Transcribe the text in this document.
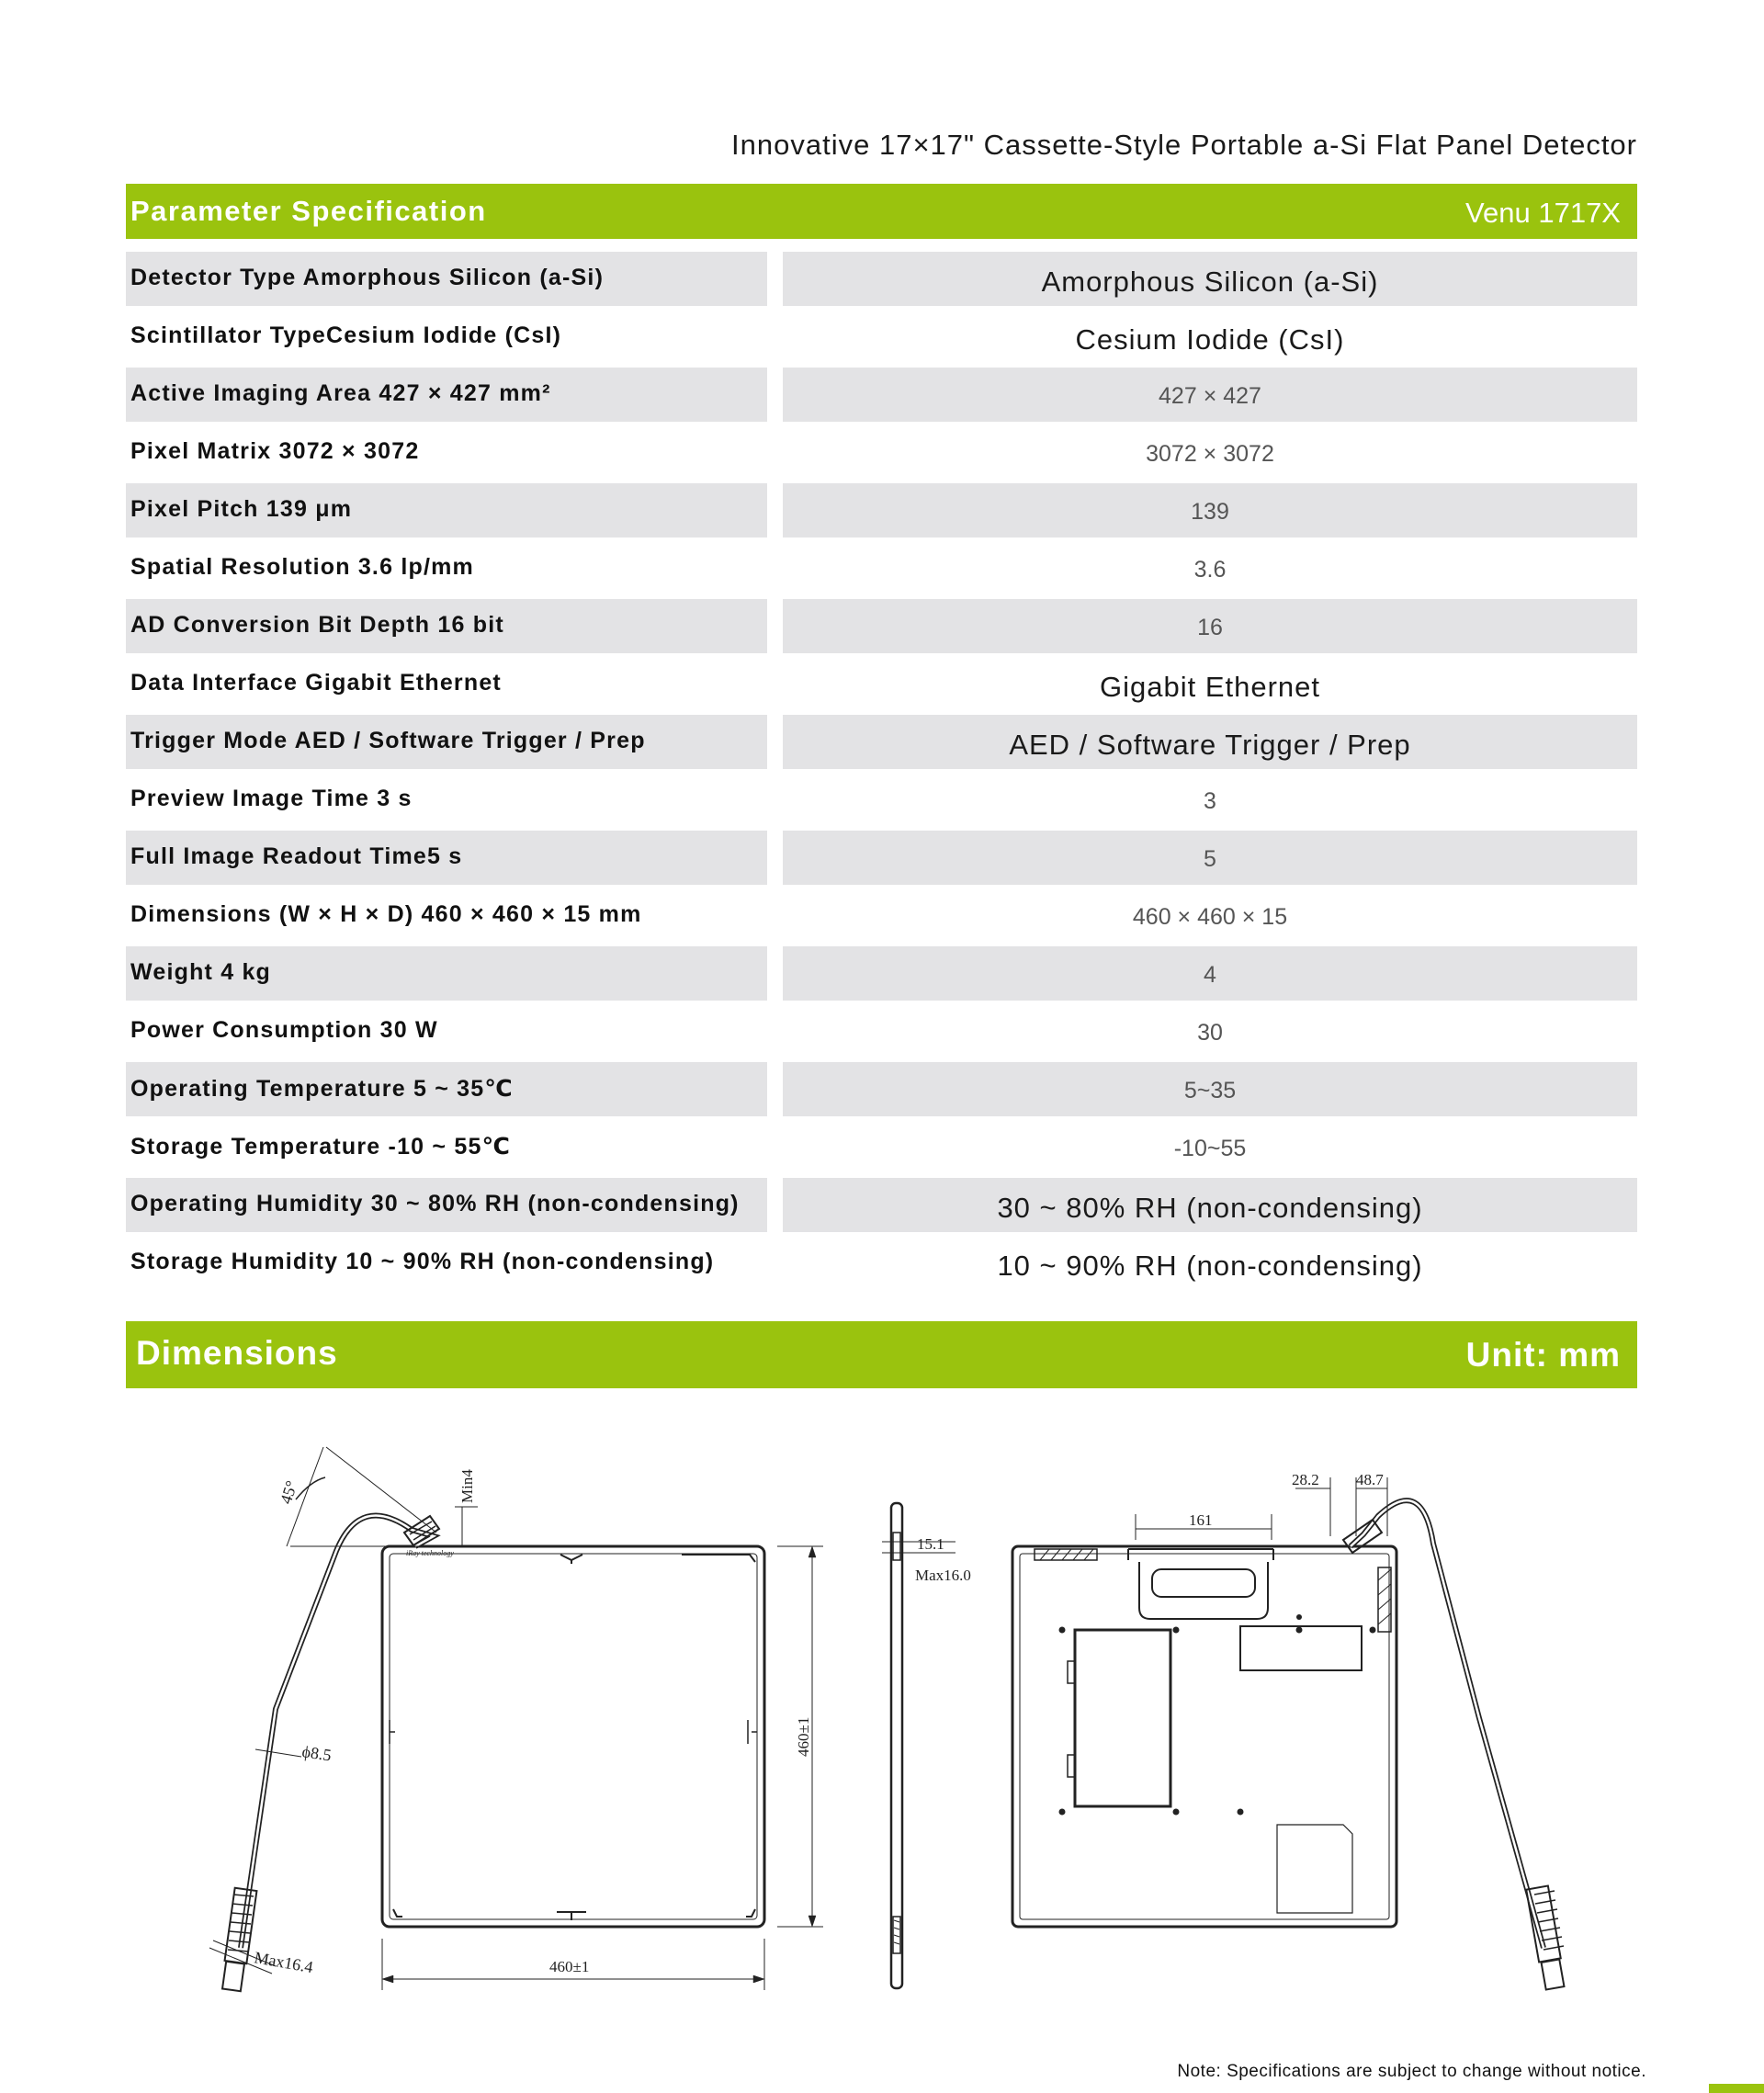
Innovative 17×17" Cassette-Style Portable a-Si Flat Panel Detector
Parameter Specification	Venu 1717X
Detector Type Amorphous Silicon (a-Si)	Amorphous Silicon (a-Si)
Scintillator TypeCesium Iodide (CsI)	Cesium Iodide (CsI)
Active Imaging Area 427 × 427 mm²	427 × 427
Pixel Matrix 3072 × 3072	3072 × 3072
Pixel Pitch 139 μm	139
Spatial Resolution 3.6 lp/mm	3.6
AD Conversion Bit Depth 16 bit	16
Data Interface Gigabit Ethernet	Gigabit Ethernet
Trigger Mode AED / Software Trigger / Prep	AED / Software Trigger / Prep
Preview Image Time 3 s	3
Full Image Readout Time5 s	5
Dimensions (W × H × D) 460 × 460 × 15 mm	460 × 460 × 15
Weight 4 kg	4
Power Consumption 30 W	30
Operating Temperature 5 ~ 35℃	5~35
Storage Temperature -10 ~ 55℃	-10~55
Operating Humidity 30 ~ 80% RH (non-condensing)	30 ~ 80% RH (non-condensing)
Storage Humidity 10 ~ 90% RH (non-condensing)	10 ~ 90% RH (non-condensing)
Dimensions	Unit: mm
45°	Min4
ϕ8.5
Max16.4	460±1
460±1
15.1
Max16.0
161
28.2 48.7
iRay technology
Note: Specifications are subject to change without notice.
